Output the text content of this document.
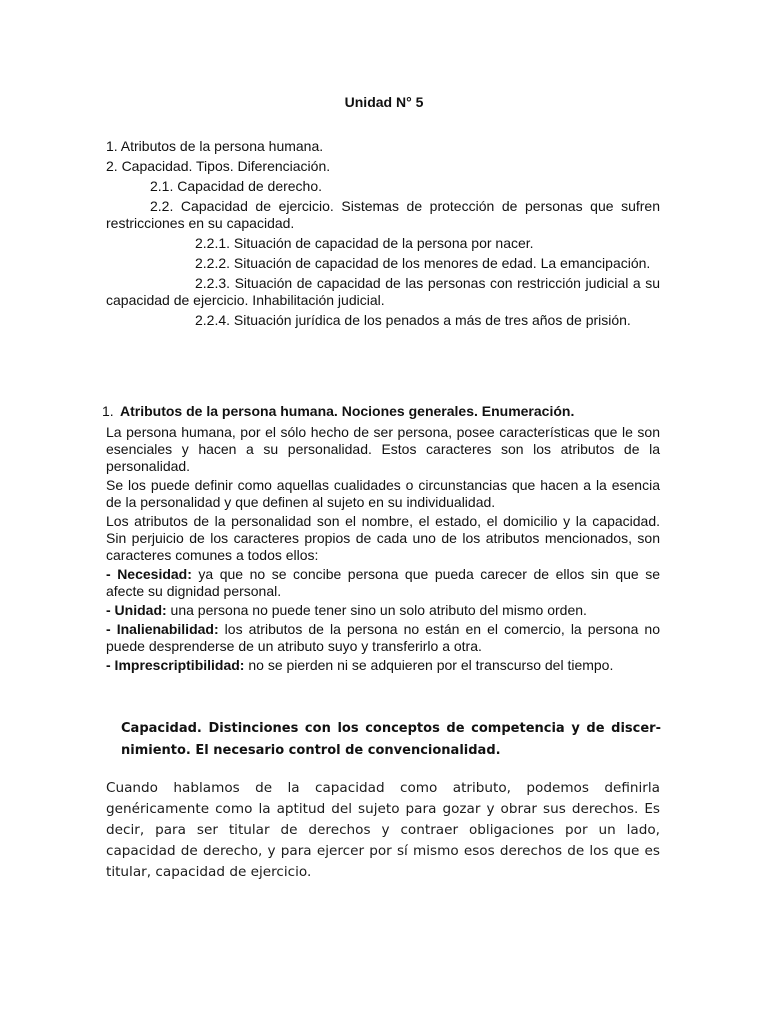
Unidad N° 5
1. Atributos de la persona humana.
2. Capacidad. Tipos. Diferenciación.
2.1. Capacidad de derecho.
2.2. Capacidad de ejercicio. Sistemas de protección de personas que sufren restricciones en su capacidad.
2.2.1. Situación de capacidad de la persona por nacer.
2.2.2. Situación de capacidad de los menores de edad. La emancipación.
2.2.3. Situación de capacidad de las personas con restricción judicial a su capacidad de ejercicio. Inhabilitación judicial.
2.2.4. Situación jurídica de los penados a más de tres años de prisión.
1. Atributos de la persona humana. Nociones generales. Enumeración.
La persona humana, por el sólo hecho de ser persona, posee características que le son esenciales y hacen a su personalidad. Estos caracteres son los atributos de la personalidad.
Se los puede definir como aquellas cualidades o circunstancias que hacen a la esencia de la personalidad y que definen al sujeto en su individualidad.
Los atributos de la personalidad son el nombre, el estado, el domicilio y la capacidad. Sin perjuicio de los caracteres propios de cada uno de los atributos mencionados, son caracteres comunes a todos ellos:
- Necesidad: ya que no se concibe persona que pueda carecer de ellos sin que se afecte su dignidad personal.
- Unidad: una persona no puede tener sino un solo atributo del mismo orden.
- Inalienabilidad: los atributos de la persona no están en el comercio, la persona no puede desprenderse de un atributo suyo y transferirlo a otra.
- Imprescriptibilidad: no se pierden ni se adquieren por el transcurso del tiempo.
Capacidad. Distinciones con los conceptos de competencia y de discer-nimiento. El necesario control de convencionalidad.
Cuando hablamos de la capacidad como atributo, podemos definirla genéricamente como la aptitud del sujeto para gozar y obrar sus derechos. Es decir, para ser titular de derechos y contraer obligaciones por un lado, capacidad de derecho, y para ejercer por sí mismo esos derechos de los que es titular, capacidad de ejercicio.
